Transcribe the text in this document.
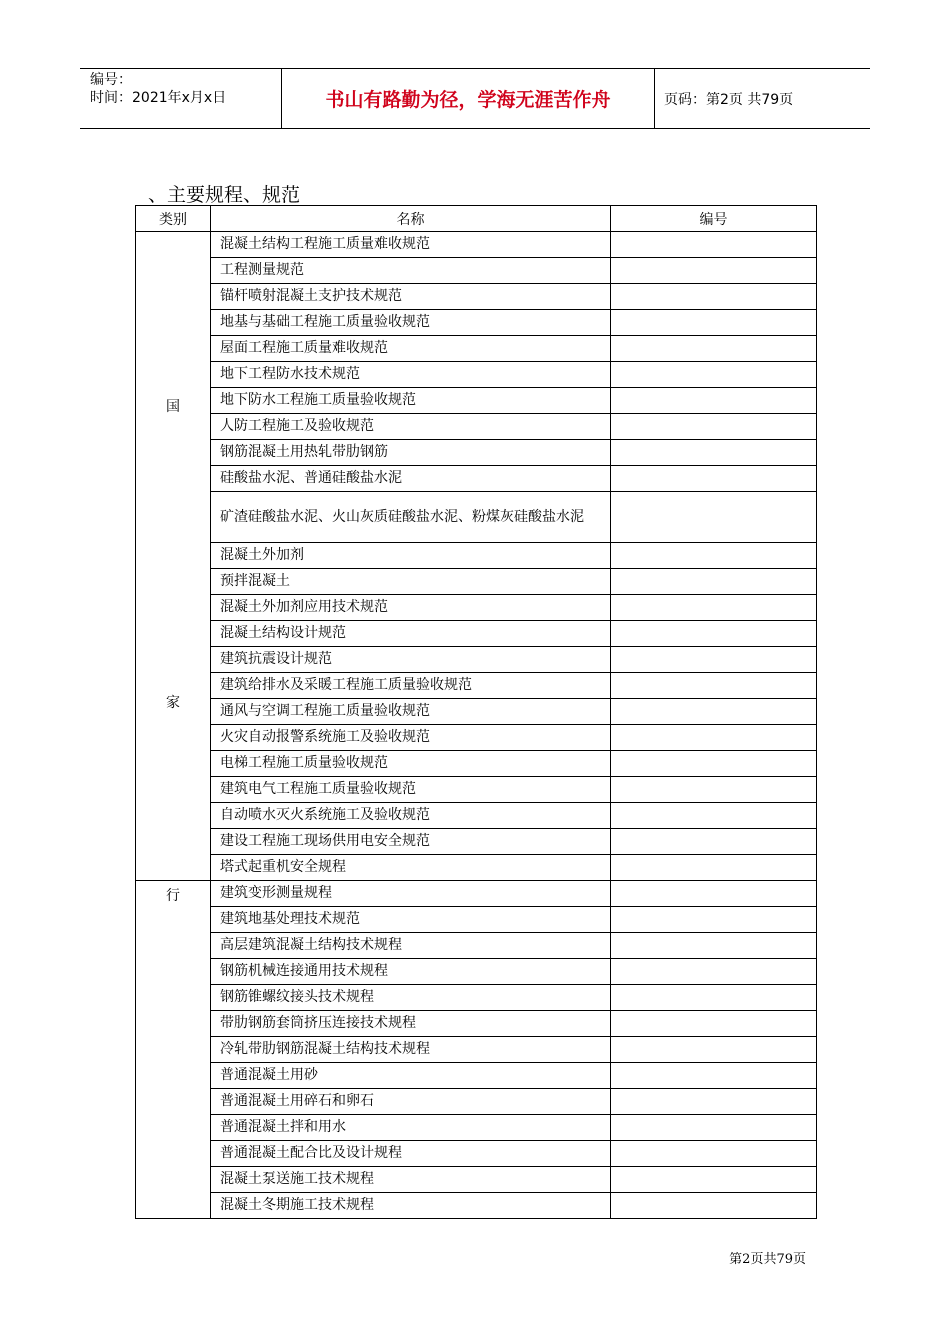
编号：
时间：2021年x月x日	书山有路勤为径，学海无涯苦作舟	页码：第2页 共79页
、主要规程、规范
类别	名称	编号

国
家	混凝土结构工程施工质量难收规范	
	工程测量规范	
	锚杆喷射混凝土支护技术规范	
	地基与基础工程施工质量验收规范	
	屋面工程施工质量难收规范	
	地下工程防水技术规范	
	地下防水工程施工质量验收规范	
	人防工程施工及验收规范	
	钢筋混凝土用热轧带肋钢筋	
	硅酸盐水泥、普通硅酸盐水泥	
	矿渣硅酸盐水泥、火山灰质硅酸盐水泥、粉煤灰硅酸盐水泥	
	混凝土外加剂	
	预拌混凝土	
	混凝土外加剂应用技术规范	
	混凝土结构设计规范	
	建筑抗震设计规范	
	建筑给排水及采暖工程施工质量验收规范	
	通风与空调工程施工质量验收规范	
	火灾自动报警系统施工及验收规范	
	电梯工程施工质量验收规范	
	建筑电气工程施工质量验收规范	
	自动喷水灭火系统施工及验收规范	
	建设工程施工现场供用电安全规范	
	塔式起重机安全规程	

行	建筑变形测量规程	
	建筑地基处理技术规范	
	高层建筑混凝土结构技术规程	
	钢筋机械连接通用技术规程	
	钢筋锥螺纹接头技术规程	
	带肋钢筋套筒挤压连接技术规程	
	冷轧带肋钢筋混凝土结构技术规程	
	普通混凝土用砂	
	普通混凝土用碎石和卵石	
	普通混凝土拌和用水	
	普通混凝土配合比及设计规程	
	混凝土泵送施工技术规程	
	混凝土冬期施工技术规程	
第2页共79页
